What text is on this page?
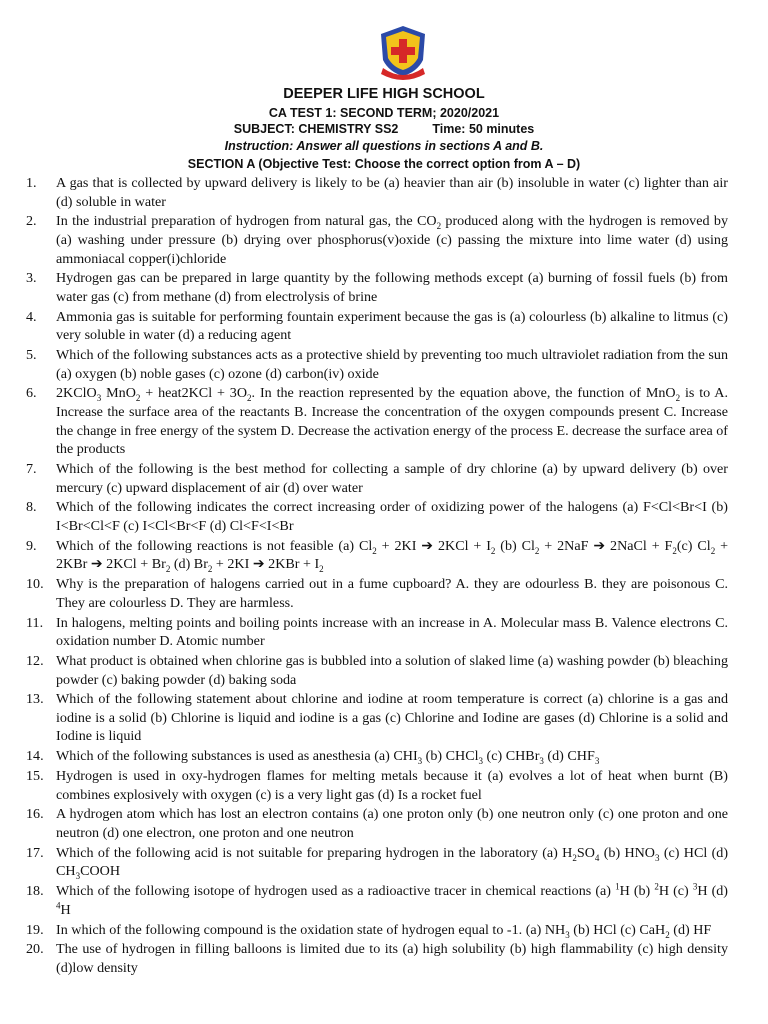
DEEPER LIFE HIGH SCHOOL
CA TEST 1: SECOND TERM; 2020/2021
SUBJECT: CHEMISTRY SS2	Time: 50 minutes
Instruction: Answer all questions in sections A and B.
SECTION A (Objective Test: Choose the correct option from A – D)
1.	A gas that is collected by upward delivery is likely to be (a) heavier than air (b) insoluble in water (c) lighter than air (d) soluble in water
2.	In the industrial preparation of hydrogen from natural gas, the $CO_2$ produced along with the hydrogen is removed by (a) washing under pressure (b) drying over phosphorus(v)oxide (c) passing the mixture into lime water (d) using ammoniacal copper(i)chloride
3.	Hydrogen gas can be prepared in large quantity by the following methods except (a) burning of fossil fuels (b) from water gas (c) from methane (d) from electrolysis of brine
4.	Ammonia gas is suitable for performing fountain experiment because the gas is (a) colourless (b) alkaline to litmus (c) very soluble in water (d) a reducing agent
5.	Which of the following substances acts as a protective shield by preventing too much ultraviolet radiation from the sun (a) oxygen (b) noble gases (c) ozone (d) carbon(iv) oxide
6.	2KClO$_3$ MnO$_2$ + heat2KCl + $3O_2$. In the reaction represented by the equation above, the function of MnO$_2$ is to A. Increase the surface area of the reactants B. Increase the concentration of the oxygen compounds present C. Increase the change in free energy of the system D. Decrease the activation energy of the process E. decrease the surface area of the products
7.	Which of the following is the best method for collecting a sample of dry chlorine (a) by upward delivery (b) over mercury (c) upward displacement of air (d) over water
8.	Which of the following indicates the correct increasing order of oxidizing power of the halogens (a) F<Cl<Br<I (b) I<Br<Cl<F (c) I<Cl<Br<F (d) Cl<F<I<Br
9.	Which of the following reactions is not feasible (a) $Cl_2 + 2KI$ ➔ $2KCl + I_2$ (b) $Cl_2 + 2NaF$ ➔ 2NaCl + $F_2(c) Cl_2 + 2KBr$ ➔ $2KCl + Br_2$ (d) $Br_2 + 2KI$ ➔ $2KBr + I_2$
10. Why is the preparation of halogens carried out in a fume cupboard? A. they are odourless B. they are poisonous C. They are colourless D. They are harmless.
11. In halogens, melting points and boiling points increase with an increase in A. Molecular mass B. Valence electrons C. oxidation number D. Atomic number
12. What product is obtained when chlorine gas is bubbled into a solution of slaked lime (a) washing powder (b) bleaching powder (c) baking powder (d) baking soda
13. Which of the following statement about chlorine and iodine at room temperature is correct (a) chlorine is a gas and iodine is a solid (b) Chlorine is liquid and iodine is a gas (c) Chlorine and Iodine are gases (d) Chlorine is a solid and Iodine is liquid
14. Which of the following substances is used as anesthesia (a) $CHI_3$ (b) CHCl$_3$ (c) CHBr$_3$ (d) $CHF_3$
15. Hydrogen is used in oxy-hydrogen flames for melting metals because it (a) evolves a lot of heat when burnt (B) combines explosively with oxygen (c) is a very light gas (d) Is a rocket fuel
16. A hydrogen atom which has lost an electron contains (a) one proton only (b) one neutron only (c) one proton and one neutron (d) one electron, one proton and one neutron
17. Which of the following acid is not suitable for preparing hydrogen in the laboratory (a) $H_2SO_4$ (b) $HNO_3$ (c) HCl (d) $CH_3COOH$
18. Which of the following isotope of hydrogen used as a radioactive tracer in chemical reactions (a) $^1$H (b) $^2$H (c) $^3$H (d) $^4$H
19. In which of the following compound is the oxidation state of hydrogen equal to -1. (a) $NH_3$ (b) HCl (c) CaH$_2$ (d) HF
20. The use of hydrogen in filling balloons is limited due to its (a) high solubility (b) high flammability (c) high density (d)low density
